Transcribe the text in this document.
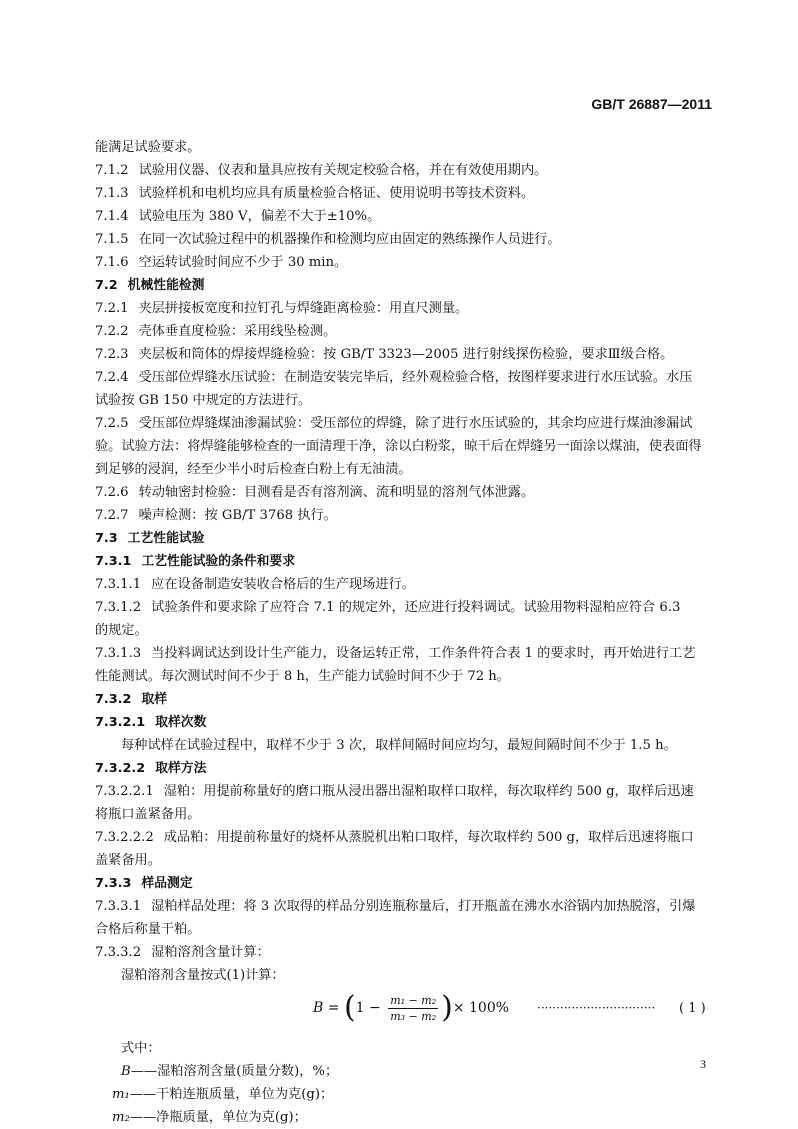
GB/T 26887—2011
能满足试验要求。
7.1.2 试验用仪器、仪表和量具应按有关规定校验合格，并在有效使用期内。
7.1.3 试验样机和电机均应具有质量检验合格证、使用说明书等技术资料。
7.1.4 试验电压为 380 V，偏差不大于±10%。
7.1.5 在同一次试验过程中的机器操作和检测均应由固定的熟练操作人员进行。
7.1.6 空运转试验时间应不少于 30 min。
7.2 机械性能检测
7.2.1 夹层拼接板宽度和拉钉孔与焊缝距离检验：用直尺测量。
7.2.2 壳体垂直度检验：采用线坠检测。
7.2.3 夹层板和筒体的焊接焊缝检验：按 GB/T 3323—2005 进行射线探伤检验，要求Ⅲ级合格。
7.2.4 受压部位焊缝水压试验：在制造安装完毕后，经外观检验合格，按图样要求进行水压试验。水压
试验按 GB 150 中规定的方法进行。
7.2.5 受压部位焊缝煤油渗漏试验：受压部位的焊缝，除了进行水压试验的，其余均应进行煤油渗漏试
验。试验方法：将焊缝能够检查的一面清理干净，涂以白粉浆，晾干后在焊缝另一面涂以煤油，使表面得
到足够的浸润，经至少半小时后检查白粉上有无油渍。
7.2.6 转动轴密封检验：目测看是否有溶剂滴、流和明显的溶剂气体泄露。
7.2.7 噪声检测：按 GB/T 3768 执行。
7.3 工艺性能试验
7.3.1 工艺性能试验的条件和要求
7.3.1.1 应在设备制造安装收合格后的生产现场进行。
7.3.1.2 试验条件和要求除了应符合 7.1 的规定外，还应进行投料调试。试验用物料湿粕应符合 6.3
的规定。
7.3.1.3 当投料调试达到设计生产能力，设备运转正常，工作条件符合表 1 的要求时，再开始进行工艺
性能测试。每次测试时间不少于 8 h，生产能力试验时间不少于 72 h。
7.3.2 取样
7.3.2.1 取样次数
每种试样在试验过程中，取样不少于 3 次，取样间隔时间应均匀，最短间隔时间不少于 1.5 h。
7.3.2.2 取样方法
7.3.2.2.1 湿粕：用提前称量好的磨口瓶从浸出器出湿粕取样口取样，每次取样约 500 g，取样后迅速
将瓶口盖紧备用。
7.3.2.2.2 成品粕：用提前称量好的烧杯从蒸脱机出粕口取样，每次取样约 500 g，取样后迅速将瓶口
盖紧备用。
7.3.3 样品测定
7.3.3.1 湿粕样品处理：将 3 次取得的样品分别连瓶称量后，打开瓶盖在沸水水浴锅内加热脱溶，引爆
合格后称量干粕。
7.3.3.2 湿粕溶剂含量计算：
湿粕溶剂含量按式(1)计算：
B = ( $1 - \frac{\text{m₁ − m₂}}{\text{m₃ − m₂}}$ ) × 100% ······························· ( 1 )
式中：
B——湿粕溶剂含量(质量分数)，%；
m₁——干粕连瓶质量，单位为克(g)；
m₂——净瓶质量，单位为克(g)；
3
